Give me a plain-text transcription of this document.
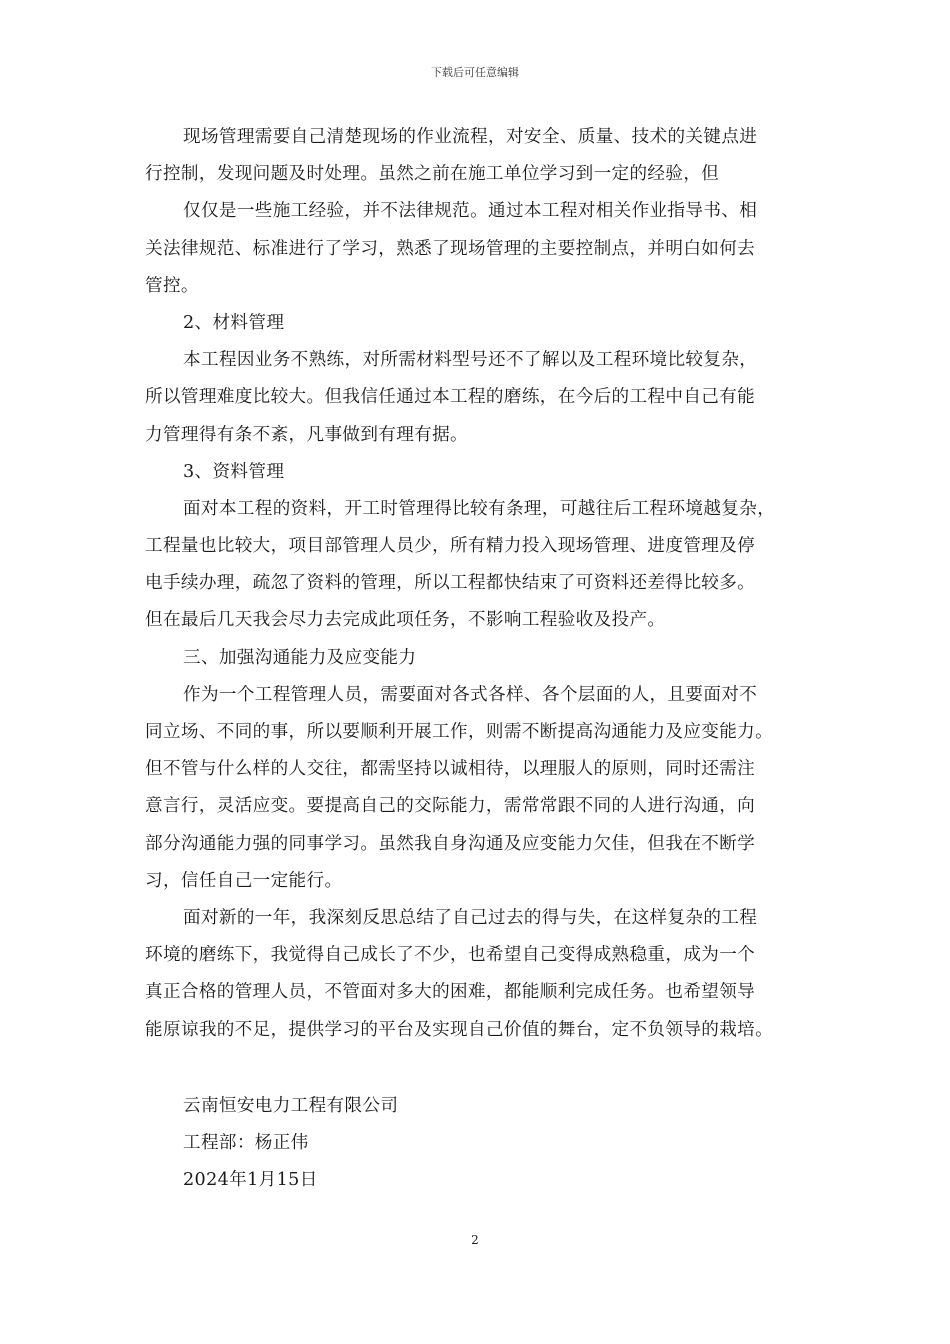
下载后可任意编辑
现场管理需要自己清楚现场的作业流程，对安全、质量、技术的关键点进
行控制，发现问题及时处理。虽然之前在施工单位学习到一定的经验，但
仅仅是一些施工经验，并不法律规范。通过本工程对相关作业指导书、相
关法律规范、标准进行了学习，熟悉了现场管理的主要控制点，并明白如何去
管控。
2、材料管理
本工程因业务不熟练，对所需材料型号还不了解以及工程环境比较复杂，
所以管理难度比较大。但我信任通过本工程的磨练，在今后的工程中自己有能
力管理得有条不紊，凡事做到有理有据。
3、资料管理
面对本工程的资料，开工时管理得比较有条理，可越往后工程环境越复杂，
工程量也比较大，项目部管理人员少，所有精力投入现场管理、进度管理及停
电手续办理，疏忽了资料的管理，所以工程都快结束了可资料还差得比较多。
但在最后几天我会尽力去完成此项任务，不影响工程验收及投产。
三、加强沟通能力及应变能力
作为一个工程管理人员，需要面对各式各样、各个层面的人，且要面对不
同立场、不同的事，所以要顺利开展工作，则需不断提高沟通能力及应变能力。
但不管与什么样的人交往，都需坚持以诚相待，以理服人的原则，同时还需注
意言行，灵活应变。要提高自己的交际能力，需常常跟不同的人进行沟通，向
部分沟通能力强的同事学习。虽然我自身沟通及应变能力欠佳，但我在不断学
习，信任自己一定能行。
面对新的一年，我深刻反思总结了自己过去的得与失，在这样复杂的工程
环境的磨练下，我觉得自己成长了不少，也希望自己变得成熟稳重，成为一个
真正合格的管理人员，不管面对多大的困难，都能顺利完成任务。也希望领导
能原谅我的不足，提供学习的平台及实现自己价值的舞台，定不负领导的栽培。
云南恒安电力工程有限公司
工程部：杨正伟
2024年1月15日
2
